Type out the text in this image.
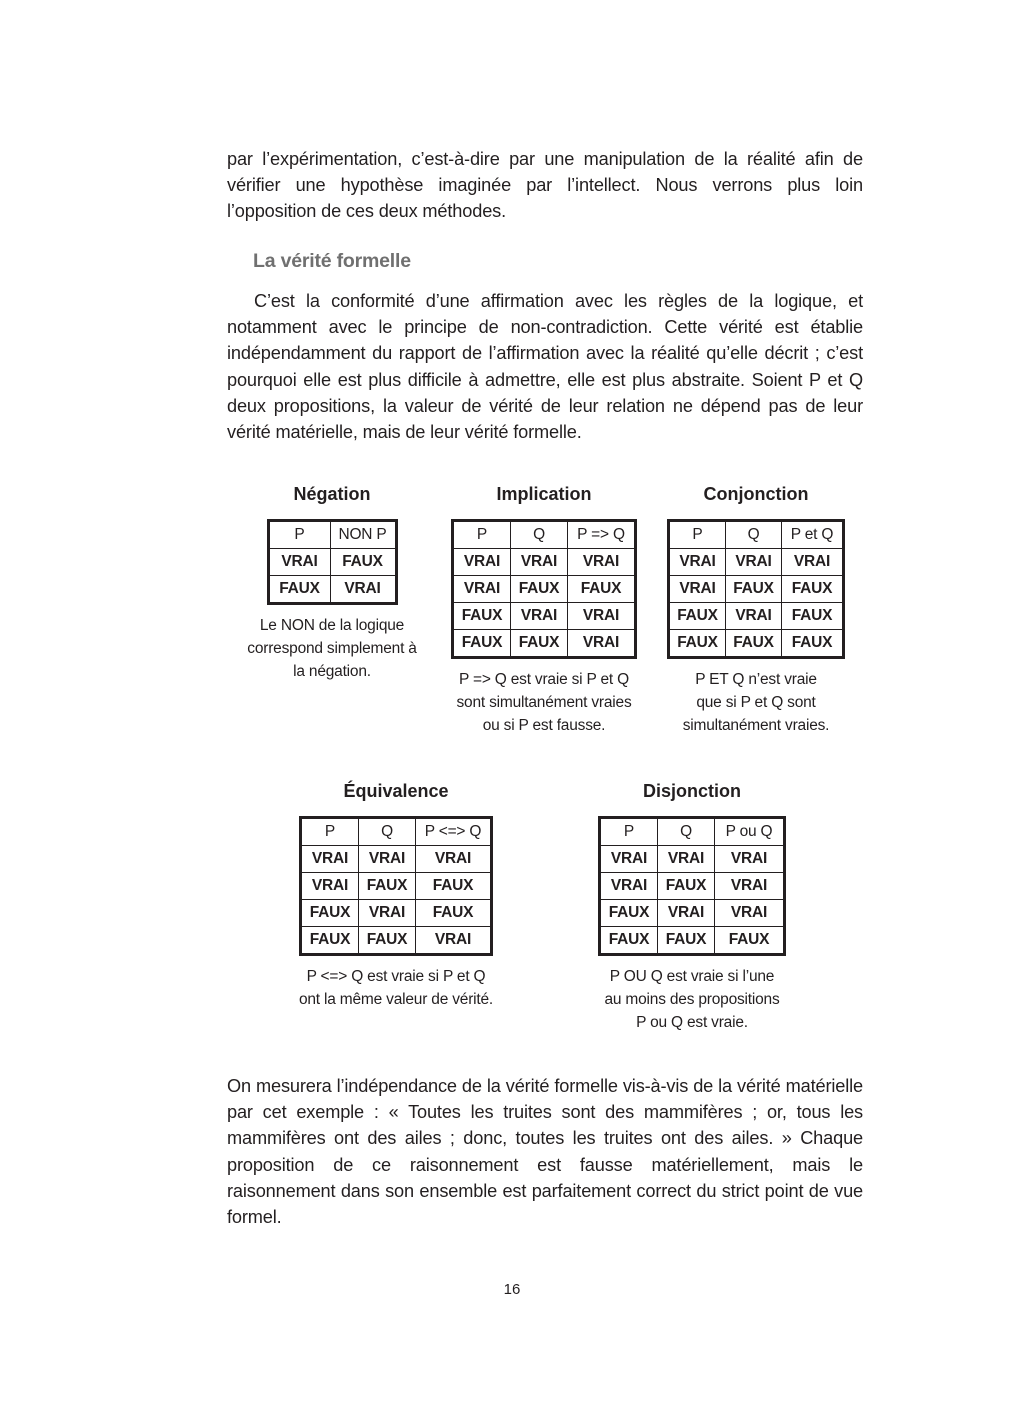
par l’expérimentation, c’est-à-dire par une manipulation de la réalité afin de vérifier une hypothèse imaginée par l’intellect. Nous verrons plus loin l’opposition de ces deux méthodes.

La vérité formelle

C’est la conformité d’une affirmation avec les règles de la logique, et notamment avec le principe de non-contradiction. Cette vérité est établie indépendamment du rapport de l’affirmation avec la réalité qu’elle décrit ; c’est pourquoi elle est plus difficile à admettre, elle est plus abstraite. Soient P et Q deux propositions, la valeur de vérité de leur relation ne dépend pas de leur vérité matérielle, mais de leur vérité formelle.

Négation
P	NON P
VRAI	FAUX
FAUX	VRAI
Le NON de la logique
correspond simplement à
la négation.
Implication
P	Q	P => Q
VRAI	VRAI	VRAI
VRAI	FAUX	FAUX
FAUX	VRAI	VRAI
FAUX	FAUX	VRAI
P => Q est vraie si P et Q
sont simultanément vraies
ou si P est fausse.
Conjonction
P	Q	P et Q
VRAI	VRAI	VRAI
VRAI	FAUX	FAUX
FAUX	VRAI	FAUX
FAUX	FAUX	FAUX
P ET Q n’est vraie
que si P et Q sont
simultanément vraies.
Équivalence
P	Q	P <=> Q
VRAI	VRAI	VRAI
VRAI	FAUX	FAUX
FAUX	VRAI	FAUX
FAUX	FAUX	VRAI
P <=> Q est vraie si P et Q
ont la même valeur de vérité.
Disjonction
P	Q	P ou Q
VRAI	VRAI	VRAI
VRAI	FAUX	VRAI
FAUX	VRAI	VRAI
FAUX	FAUX	FAUX
P OU Q est vraie si l’une
au moins des propositions
P ou Q est vraie.

On mesurera l’indépendance de la vérité formelle vis-à-vis de la vérité matérielle par cet exemple : « Toutes les truites sont des mammifères ; or, tous les mammifères ont des ailes ; donc, toutes les truites ont des ailes. » Chaque proposition de ce raisonnement est fausse matériellement, mais le raisonnement dans son ensemble est parfaitement correct du strict point de vue formel.

16
